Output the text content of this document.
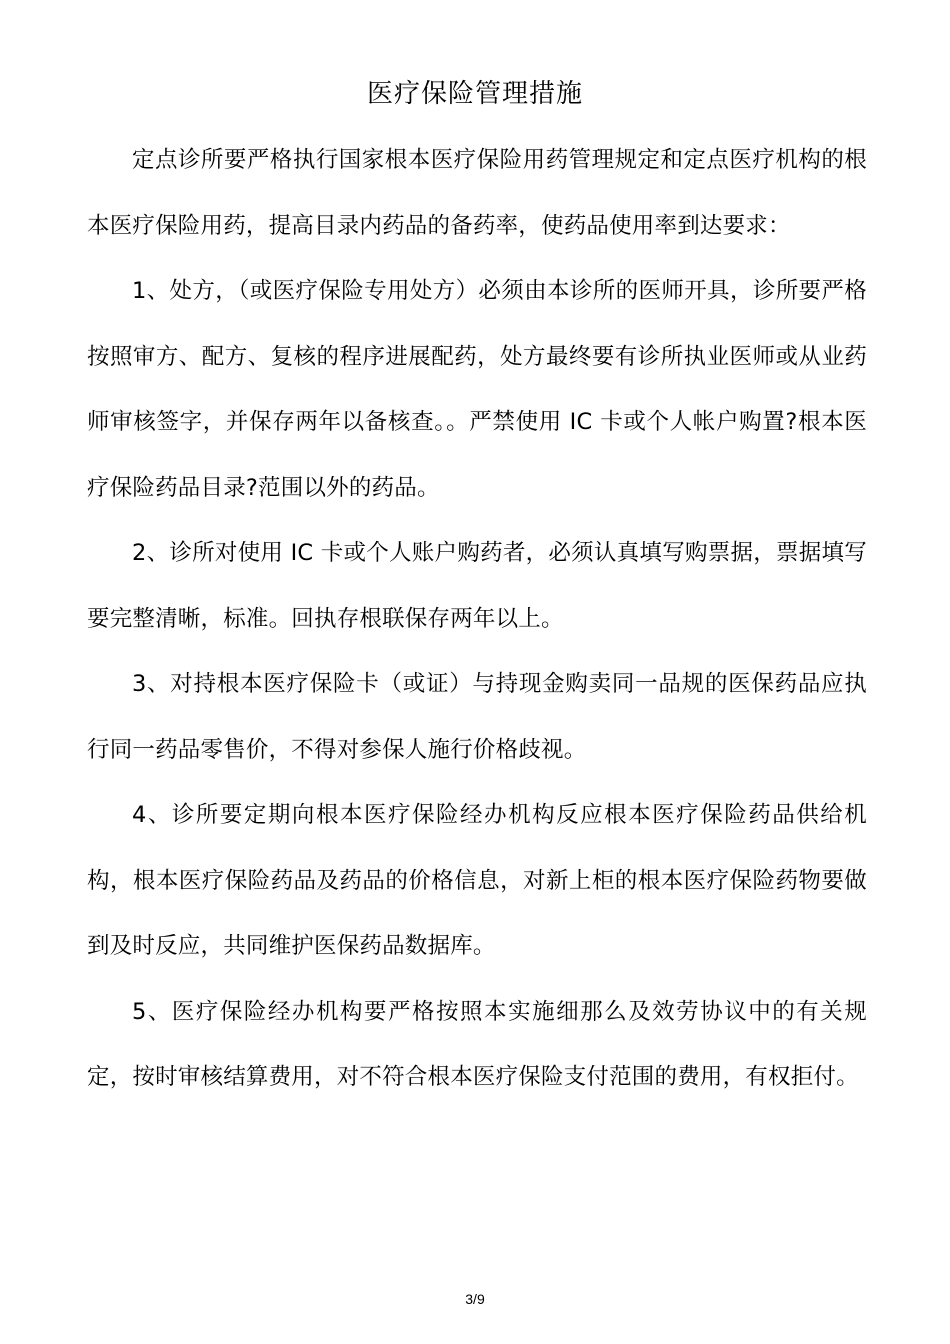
医疗保险管理措施

定点诊所要严格执行国家根本医疗保险用药管理规定和定点医疗机构的根本医疗保险用药，提高目录内药品的备药率，使药品使用率到达要求：

1、处方，（或医疗保险专用处方）必须由本诊所的医师开具，诊所要严格按照审方、配方、复核的程序进展配药，处方最终要有诊所执业医师或从业药师审核签字，并保存两年以备核查。。严禁使用 IC 卡或个人帐户购置?根本医疗保险药品目录?范围以外的药品。

2、诊所对使用 IC 卡或个人账户购药者，必须认真填写购票据，票据填写要完整清晰，标准。回执存根联保存两年以上。

3、对持根本医疗保险卡（或证）与持现金购卖同一品规的医保药品应执行同一药品零售价，不得对参保人施行价格歧视。

4、诊所要定期向根本医疗保险经办机构反应根本医疗保险药品供给机构，根本医疗保险药品及药品的价格信息，对新上柜的根本医疗保险药物要做到及时反应，共同维护医保药品数据库。

5、医疗保险经办机构要严格按照本实施细那么及效劳协议中的有关规定，按时审核结算费用，对不符合根本医疗保险支付范围的费用，有权拒付。

3/9
